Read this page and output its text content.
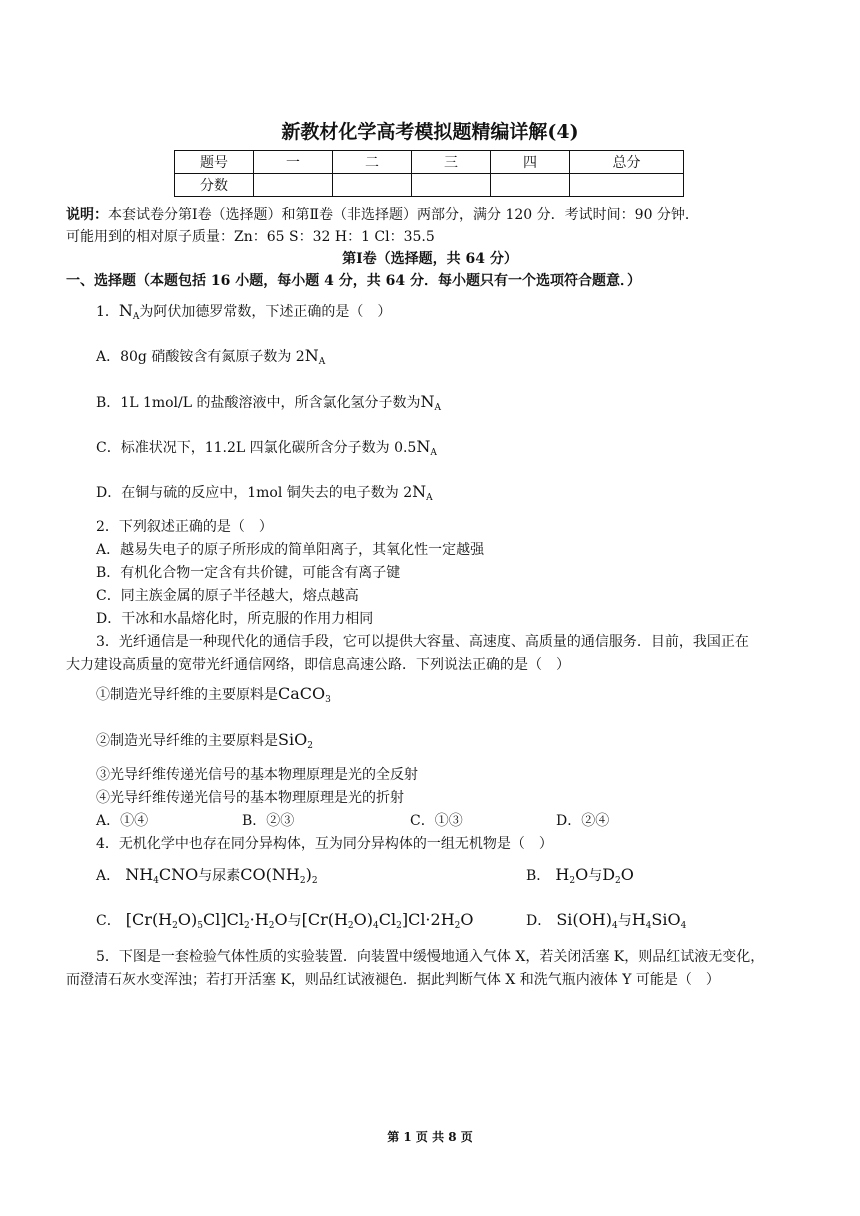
新教材化学高考模拟题精编详解(4)
题号	一	二	三	四	总分
分数					
说明：本套试卷分第Ⅰ卷（选择题）和第Ⅱ卷（非选择题）两部分，满分 120 分．考试时间：90 分钟．
可能用到的相对原子质量：Zn：65 S：32 H：1 Cl：35.5
第Ⅰ卷（选择题，共 64 分）
一、选择题（本题包括 16 小题，每小题 4 分，共 64 分．每小题只有一个选项符合题意．）
1．$N_A$为阿伏加德罗常数，下述正确的是（　）
A．80g 硝酸铵含有氮原子数为 $2N_A$
B．1L 1mol/L 的盐酸溶液中，所含氯化氢分子数为$N_A$
C．标准状况下，11.2L 四氯化碳所含分子数为 $0.5N_A$
D．在铜与硫的反应中，1mol 铜失去的电子数为 $2N_A$
2．下列叙述正确的是（　）
A．越易失电子的原子所形成的简单阳离子，其氧化性一定越强
B．有机化合物一定含有共价键，可能含有离子键
C．同主族金属的原子半径越大，熔点越高
D．干冰和水晶熔化时，所克服的作用力相同
3．光纤通信是一种现代化的通信手段，它可以提供大容量、高速度、高质量的通信服务．目前，我国正在
大力建设高质量的宽带光纤通信网络，即信息高速公路．下列说法正确的是（　）
①制造光导纤维的主要原料是CaCO$_3$
②制造光导纤维的主要原料是SiO$_2$
③光导纤维传递光信号的基本物理原理是光的全反射
④光导纤维传递光信号的基本物理原理是光的折射
A．①④	B．②③	C．①③	D．②④
4．无机化学中也存在同分异构体，互为同分异构体的一组无机物是（　）
A． $NH_4CNO$与尿素$CO(NH_2)_2$	B． $H_2O$与$D_2O$
C． $[Cr(H_2O)_5Cl]Cl_2\cdot H_2O$与$[Cr(H_2O)_4Cl_2]Cl\cdot 2H_2O$	D． $Si(OH)_4$与$H_4SiO_4$
5．下图是一套检验气体性质的实验装置．向装置中缓慢地通入气体 X，若关闭活塞 K，则品红试液无变化，
而澄清石灰水变浑浊；若打开活塞 K，则品红试液褪色．据此判断气体 X 和洗气瓶内液体 Y 可能是（　）
第 1 页 共 8 页
